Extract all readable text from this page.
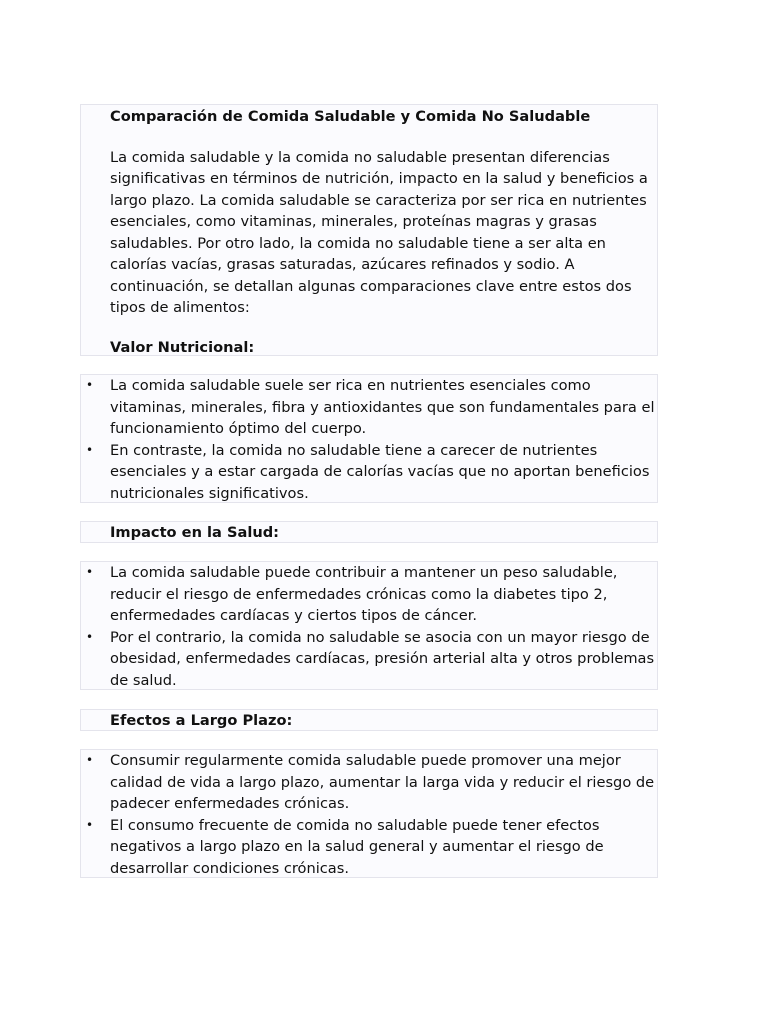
Comparación de Comida Saludable y Comida No Saludable

La comida saludable y la comida no saludable presentan diferencias significativas en términos de nutrición, impacto en la salud y beneficios a largo plazo. La comida saludable se caracteriza por ser rica en nutrientes esenciales, como vitaminas, minerales, proteínas magras y grasas saludables. Por otro lado, la comida no saludable tiene a ser alta en calorías vacías, grasas saturadas, azúcares refinados y sodio. A continuación, se detallan algunas comparaciones clave entre estos dos tipos de alimentos:

Valor Nutricional:
• La comida saludable suele ser rica en nutrientes esenciales como vitaminas, minerales, fibra y antioxidantes que son fundamentales para el funcionamiento óptimo del cuerpo.
• En contraste, la comida no saludable tiene a carecer de nutrientes esenciales y a estar cargada de calorías vacías que no aportan beneficios nutricionales significativos.
Impacto en la Salud:
• La comida saludable puede contribuir a mantener un peso saludable, reducir el riesgo de enfermedades crónicas como la diabetes tipo 2, enfermedades cardíacas y ciertos tipos de cáncer.
• Por el contrario, la comida no saludable se asocia con un mayor riesgo de obesidad, enfermedades cardíacas, presión arterial alta y otros problemas de salud.
Efectos a Largo Plazo:
• Consumir regularmente comida saludable puede promover una mejor calidad de vida a largo plazo, aumentar la larga vida y reducir el riesgo de padecer enfermedades crónicas.
• El consumo frecuente de comida no saludable puede tener efectos negativos a largo plazo en la salud general y aumentar el riesgo de desarrollar condiciones crónicas.
